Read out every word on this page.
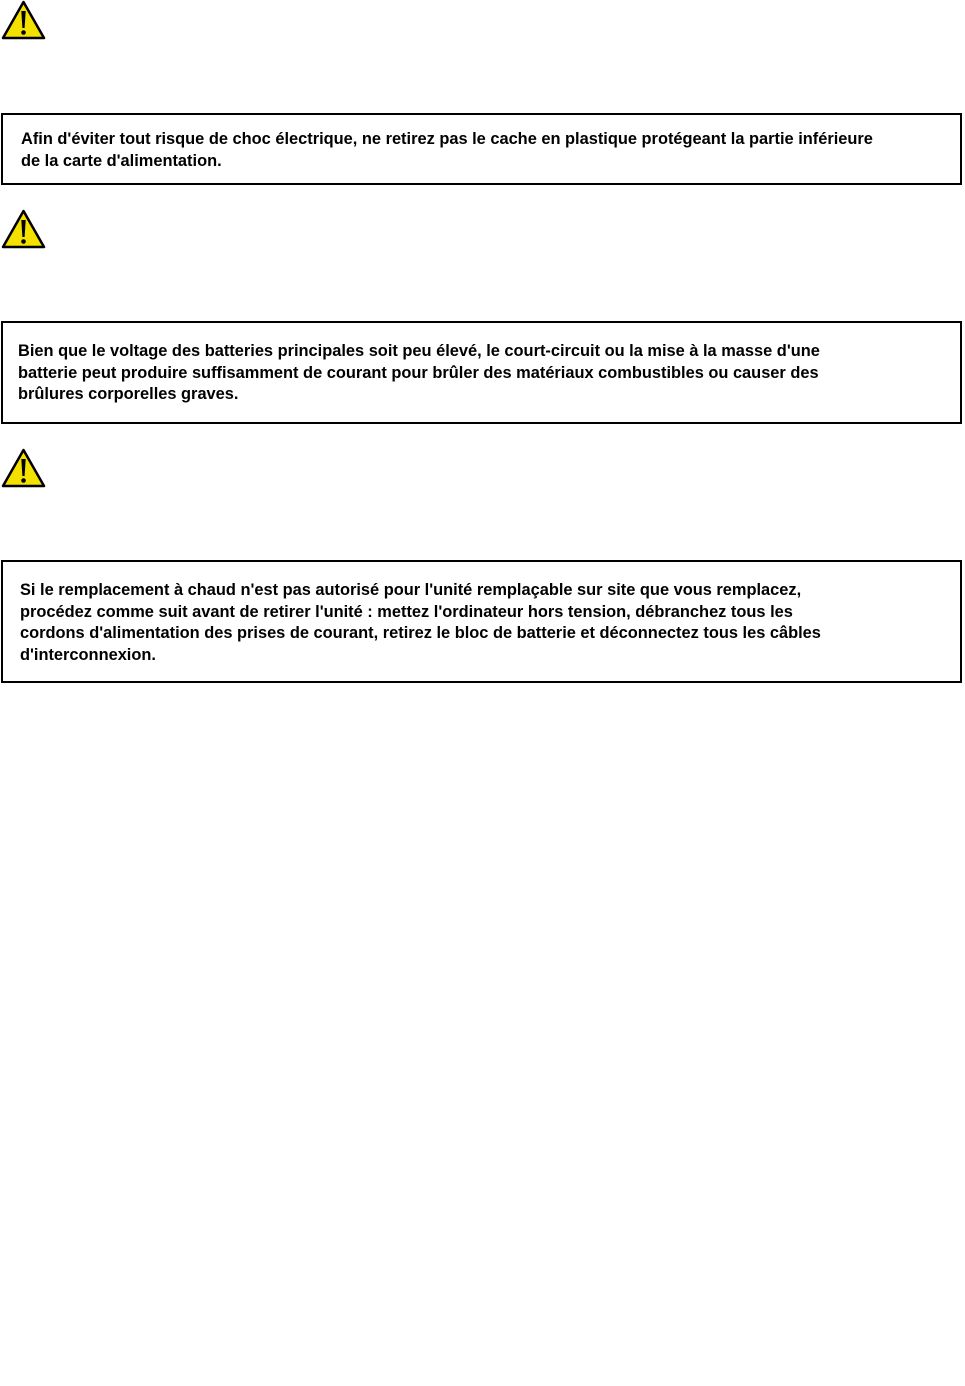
Afin d'éviter tout risque de choc électrique, ne retirez pas le cache en plastique protégeant la partie inférieure
de la carte d'alimentation.

Bien que le voltage des batteries principales soit peu élevé, le court-circuit ou la mise à la masse d'une
batterie peut produire suffisamment de courant pour brûler des matériaux combustibles ou causer des
brûlures corporelles graves.

Si le remplacement à chaud n'est pas autorisé pour l'unité remplaçable sur site que vous remplacez,
procédez comme suit avant de retirer l'unité : mettez l'ordinateur hors tension, débranchez tous les
cordons d'alimentation des prises de courant, retirez le bloc de batterie et déconnectez tous les câbles
d'interconnexion.
